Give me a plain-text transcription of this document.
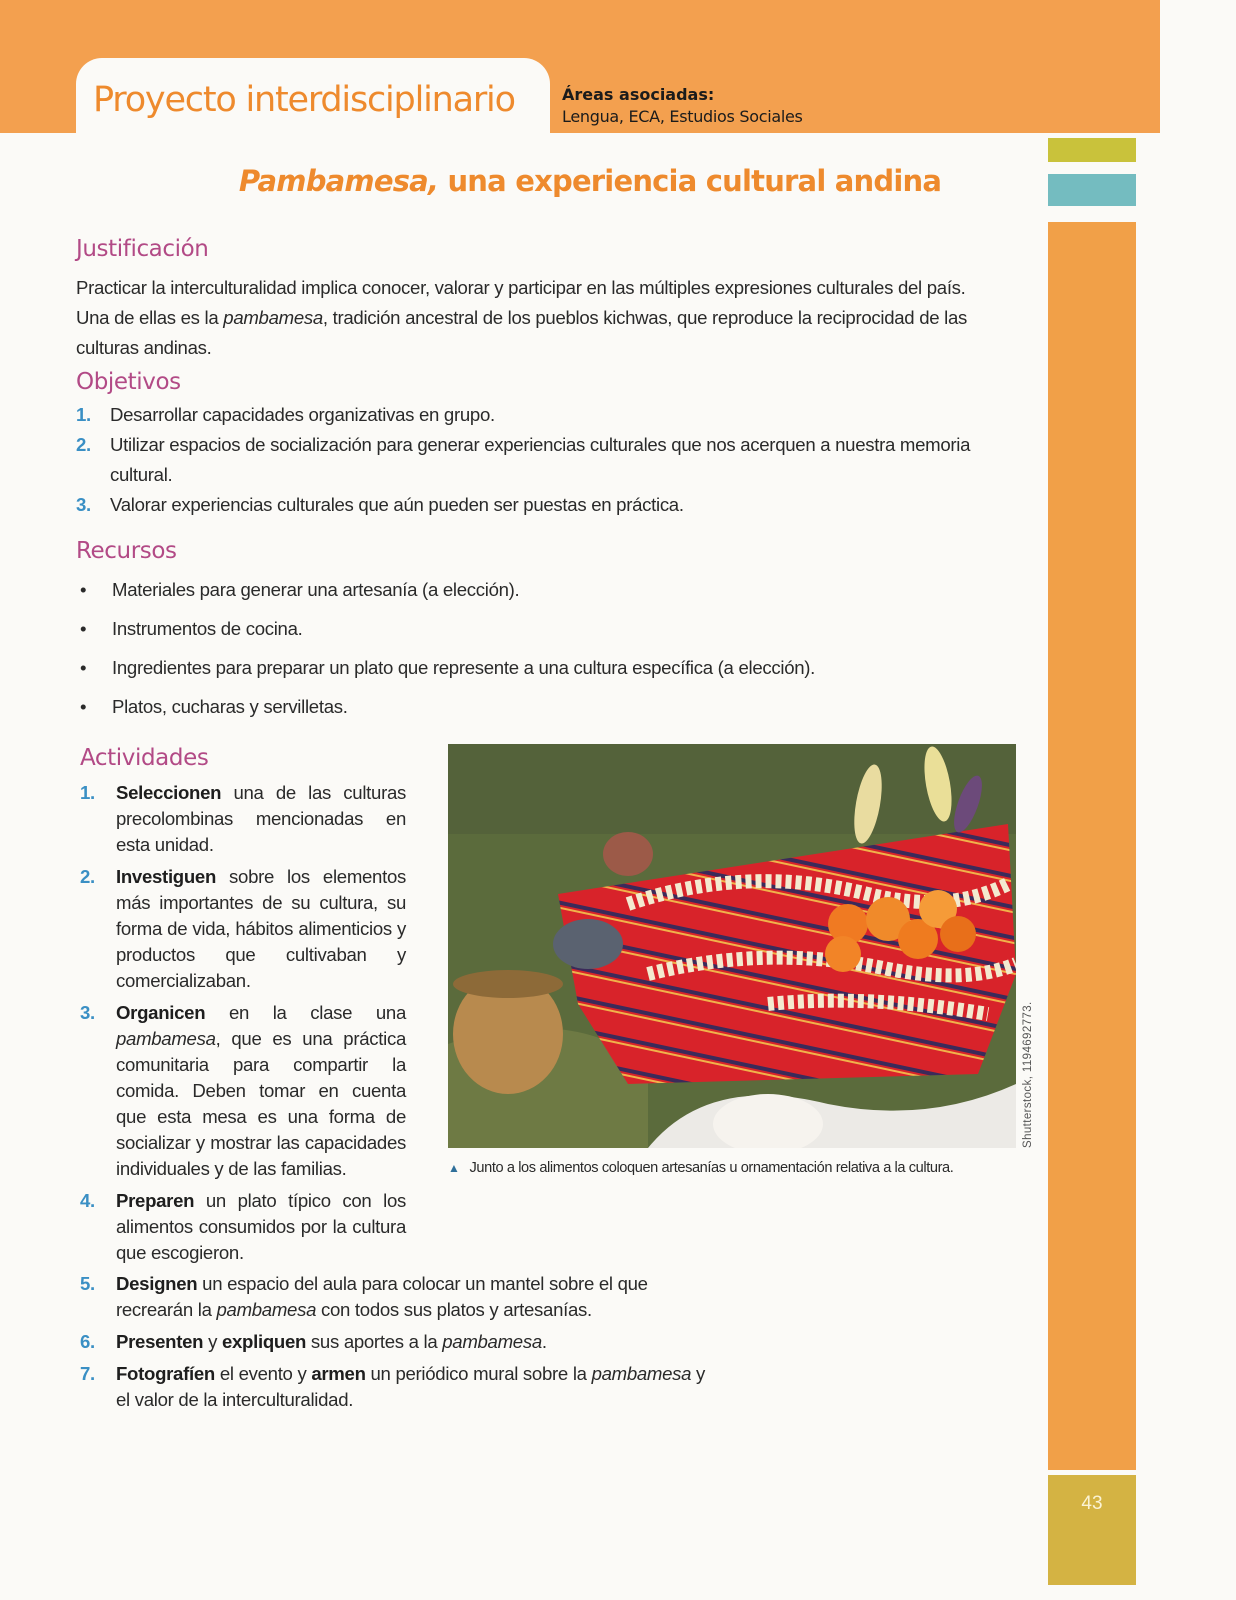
Proyecto interdisciplinario	Áreas asociadas:
Lengua, ECA, Estudios Sociales
43
Pambamesa, una experiencia cultural andina
Justificación
Practicar la interculturalidad implica conocer, valorar y participar en las múltiples expresiones culturales del país.
Una de ellas es la pambamesa, tradición ancestral de los pueblos kichwas, que reproduce la reciprocidad de las
culturas andinas.
Objetivos
1. Desarrollar capacidades organizativas en grupo.
2. Utilizar espacios de socialización para generar experiencias culturales que nos acerquen a nuestra memoria cultural.
3. Valorar experiencias culturales que aún pueden ser puestas en práctica.
Recursos
• Materiales para generar una artesanía (a elección).
• Instrumentos de cocina.
• Ingredientes para preparar un plato que represente a una cultura específica (a elección).
• Platos, cucharas y servilletas.
Actividades
1. Seleccionen una de las culturas precolombinas mencionadas en esta unidad.
2. Investiguen sobre los elementos más importantes de su cultura, su forma de vida, hábitos alimenticios y productos que cultivaban y comercializaban.
3. Organicen en la clase una pambamesa, que es una práctica comunitaria para compartir la comida. Deben tomar en cuenta que esta mesa es una forma de socializar y mostrar las capacidades individuales y de las familias.
4. Preparen un plato típico con los alimentos consumidos por la cultura que escogieron.
5. Designen un espacio del aula para colocar un mantel sobre el que recrearán la pambamesa con todos sus platos y artesanías.
6. Presenten y expliquen sus aportes a la pambamesa.
7. Fotografíen el evento y armen un periódico mural sobre la pambamesa y el valor de la interculturalidad.
Shutterstock, 1194692773.
▲ Junto a los alimentos coloquen artesanías u ornamentación relativa a la cultura.
